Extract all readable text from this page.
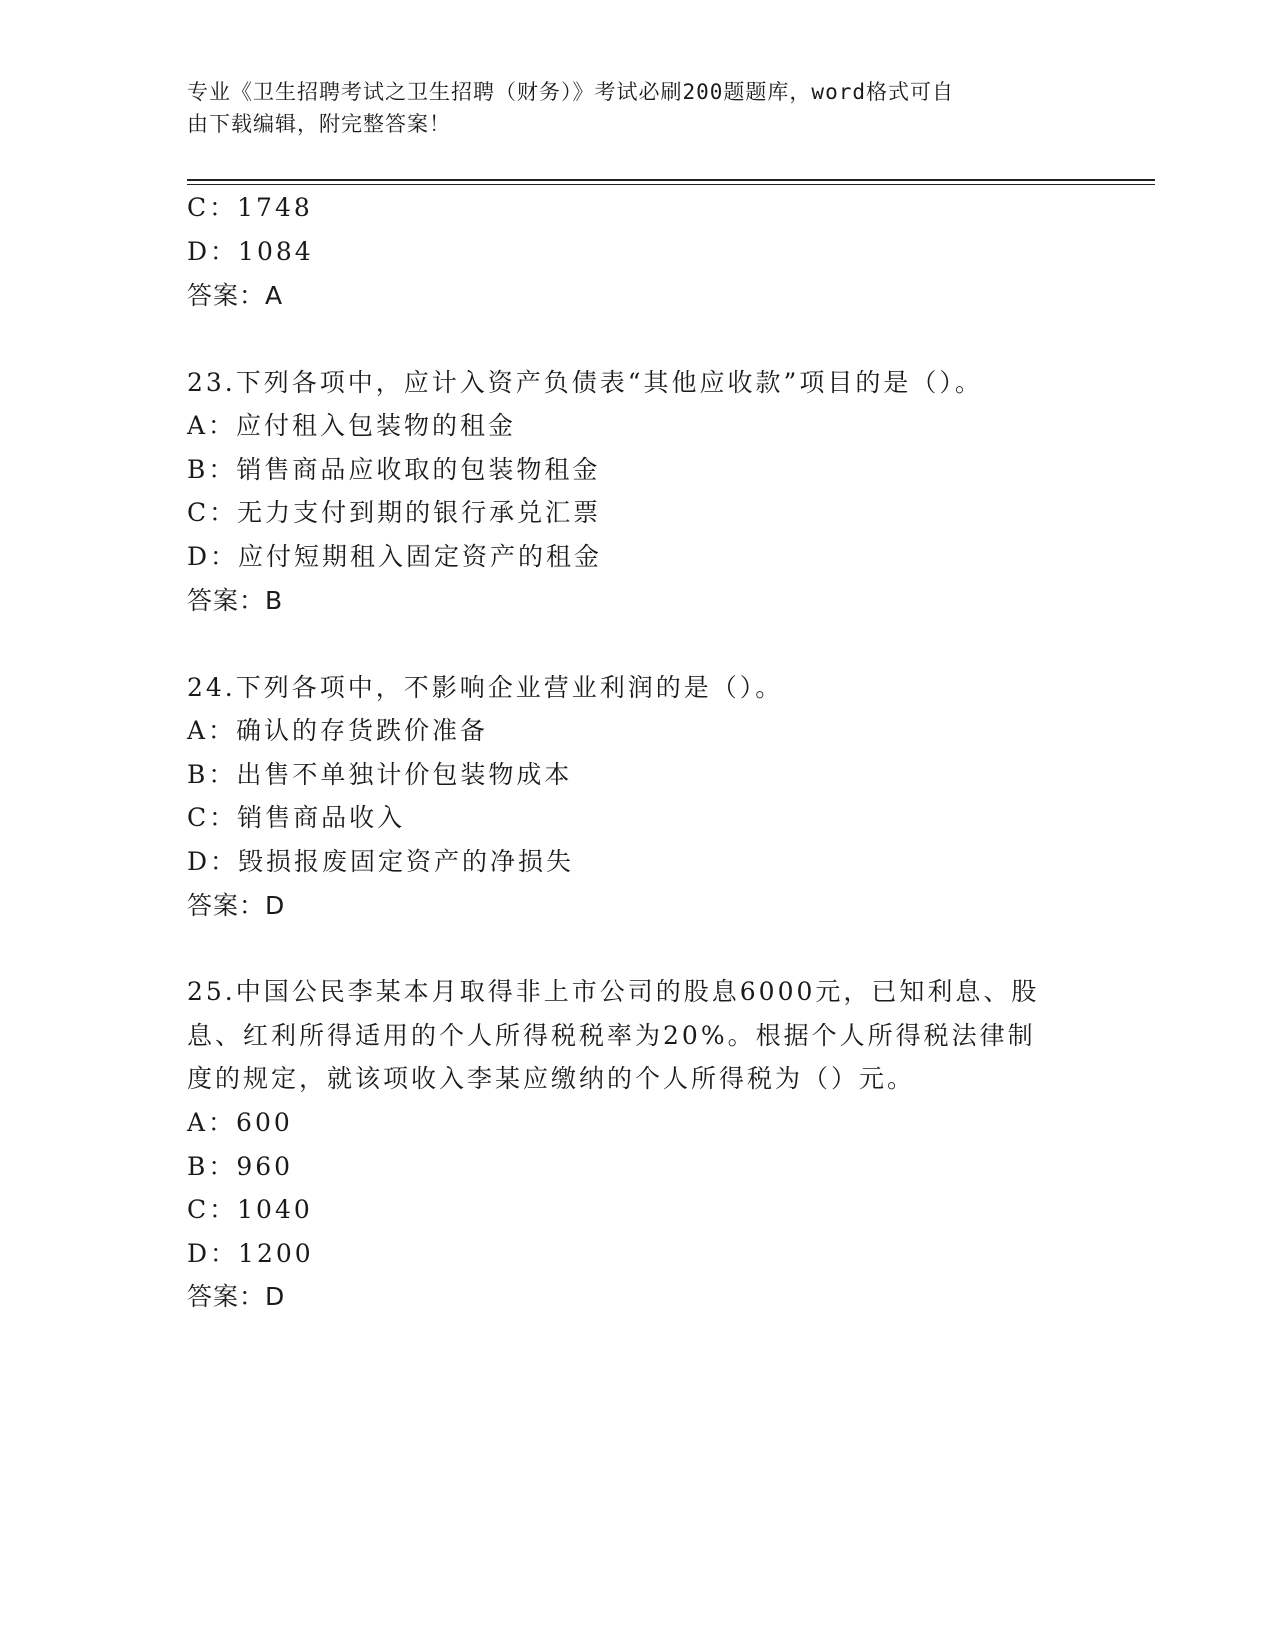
专业《卫生招聘考试之卫生招聘（财务）》考试必刷200题题库，word格式可自
由下载编辑，附完整答案！

C：1748

D：1084

答案：A

23.下列各项中，应计入资产负债表“其他应收款”项目的是（）。

A：应付租入包装物的租金

B：销售商品应收取的包装物租金

C：无力支付到期的银行承兑汇票

D：应付短期租入固定资产的租金

答案：B

24.下列各项中，不影响企业营业利润的是（）。

A：确认的存货跌价准备

B：出售不单独计价包装物成本

C：销售商品收入

D：毁损报废固定资产的净损失

答案：D

25.中国公民李某本月取得非上市公司的股息6000元，已知利息、股

息、红利所得适用的个人所得税税率为20%。根据个人所得税法律制

度的规定，就该项收入李某应缴纳的个人所得税为（）元。

A：600

B：960

C：1040

D：1200

答案：D
